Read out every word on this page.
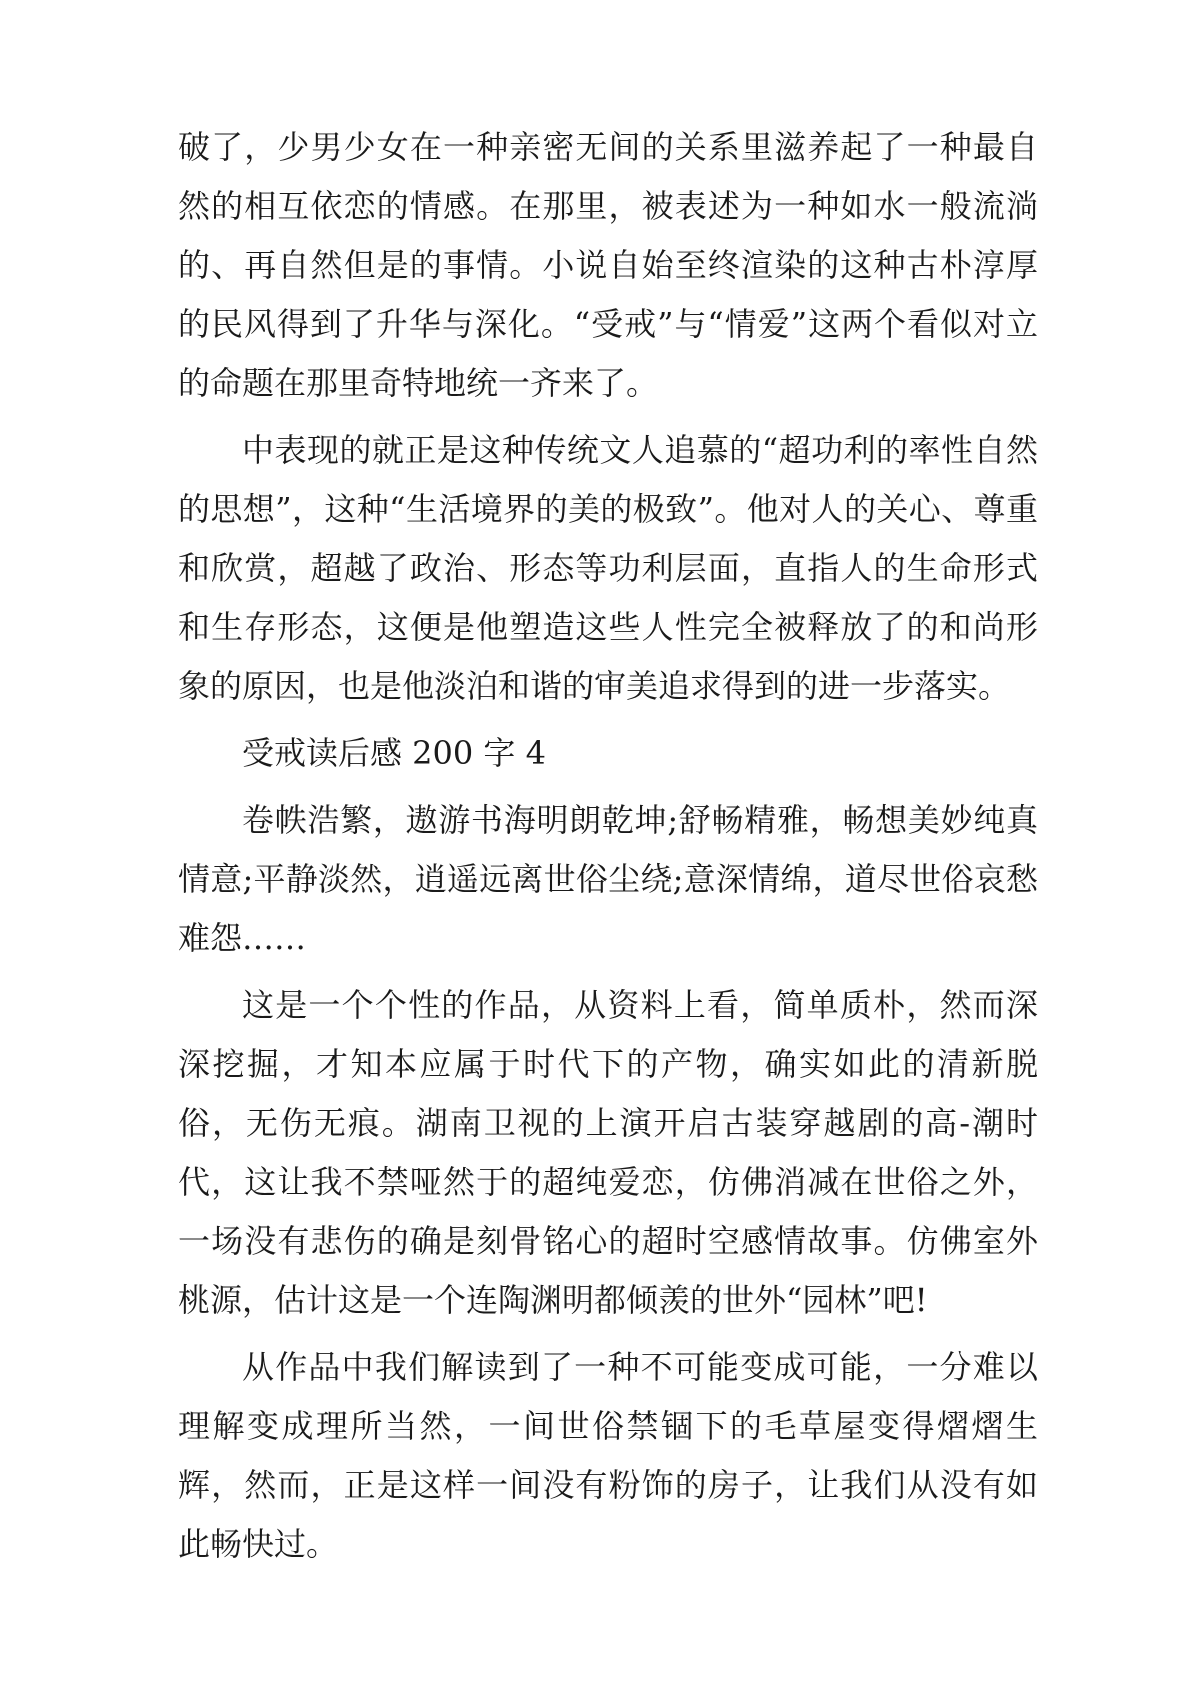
破了，少男少女在一种亲密无间的关系里滋养起了一种最自然的相互依恋的情感。在那里，被表述为一种如水一般流淌的、再自然但是的事情。小说自始至终渲染的这种古朴淳厚的民风得到了升华与深化。“受戒”与“情爱”这两个看似对立的命题在那里奇特地统一齐来了。

中表现的就正是这种传统文人追慕的“超功利的率性自然的思想”，这种“生活境界的美的极致”。他对人的关心、尊重和欣赏，超越了政治、形态等功利层面，直指人的生命形式和生存形态，这便是他塑造这些人性完全被释放了的和尚形象的原因，也是他淡泊和谐的审美追求得到的进一步落实。

受戒读后感 200 字 4

卷帙浩繁，遨游书海明朗乾坤;舒畅精雅，畅想美妙纯真情意;平静淡然，逍遥远离世俗尘绕;意深情绵，道尽世俗哀愁难怨……

这是一个个性的作品，从资料上看，简单质朴，然而深深挖掘，才知本应属于时代下的产物，确实如此的清新脱俗，无伤无痕。湖南卫视的上演开启古装穿越剧的高-潮时代，这让我不禁哑然于的超纯爱恋，仿佛消减在世俗之外，一场没有悲伤的确是刻骨铭心的超时空感情故事。仿佛室外桃源，估计这是一个连陶渊明都倾羡的世外“园林”吧!

从作品中我们解读到了一种不可能变成可能，一分难以理解变成理所当然，一间世俗禁锢下的毛草屋变得熠熠生辉，然而，正是这样一间没有粉饰的房子，让我们从没有如此畅快过。
